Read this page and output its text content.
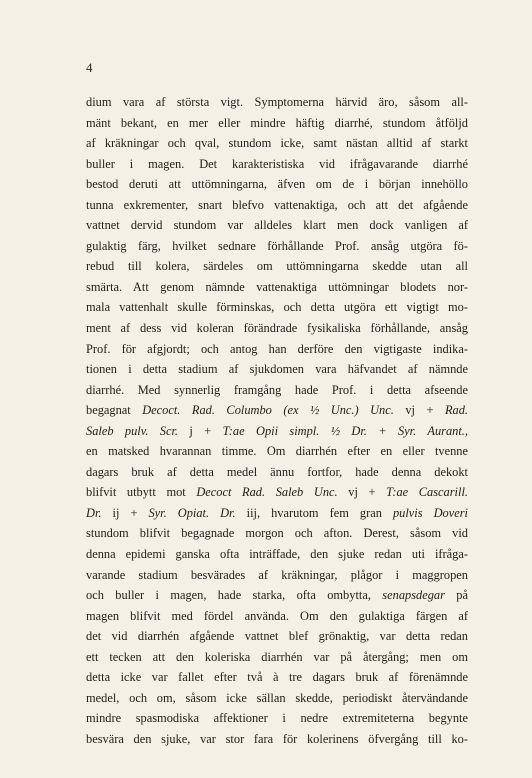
4
dium vara af största vigt. Symptomerna härvid äro, såsom all-
mänt bekant, en mer eller mindre häftig diarrhé, stundom åtföljd
af kräkningar och qval, stundom icke, samt nästan alltid af starkt
buller i magen. Det karakteristiska vid ifrågavarande diarrhé
bestod deruti att uttömningarna, äfven om de i början innehöllo
tunna exkrementer, snart blefvo vattenaktiga, och att det afgående
vattnet dervid stundom var alldeles klart men dock vanligen af
gulaktig färg, hvilket sednare förhållande Prof. ansåg utgöra fö-
rebud till kolera, särdeles om uttömningarna skedde utan all
smärta. Att genom nämnde vattenaktiga uttömningar blodets nor-
mala vattenhalt skulle förminskas, och detta utgöra ett vigtigt mo-
ment af dess vid koleran förändrade fysikaliska förhållande, ansåg
Prof. för afgjordt; och antog han derföre den vigtigaste indika-
tionen i detta stadium af sjukdomen vara häfvandet af nämnde
diarrhé. Med synnerlig framgång hade Prof. i detta afseende
begagnat Decoct. Rad. Columbo (ex ½ Unc.) Unc. vj + Rad.
Saleb pulv. Scr. j + T:ae Opii simpl. ½ Dr. + Syr. Aurant.,
en matsked hvarannan timme. Om diarrhén efter en eller tvenne
dagars bruk af detta medel ännu fortfor, hade denna dekokt
blifvit utbytt mot Decoct Rad. Saleb Unc. vj + T:ae Cascarill.
Dr. ij + Syr. Opiat. Dr. iij, hvarutom fem gran pulvis Doveri
stundom blifvit begagnade morgon och afton. Derest, såsom vid
denna epidemi ganska ofta inträffade, den sjuke redan uti ifråga-
varande stadium besvärades af kräkningar, plågor i maggropen
och buller i magen, hade starka, ofta ombytta, senapsdegar på
magen blifvit med fördel använda. Om den gulaktiga färgen af
det vid diarrhén afgående vattnet blef grönaktig, var detta redan
ett tecken att den koleriska diarrhén var på återgång; men om
detta icke var fallet efter två à tre dagars bruk af förenämnde
medel, och om, såsom icke sällan skedde, periodiskt återvändande
mindre spasmodiska affektioner i nedre extremiteterna begynte
besvära den sjuke, var stor fara för kolerinens öfvergång till ko-
